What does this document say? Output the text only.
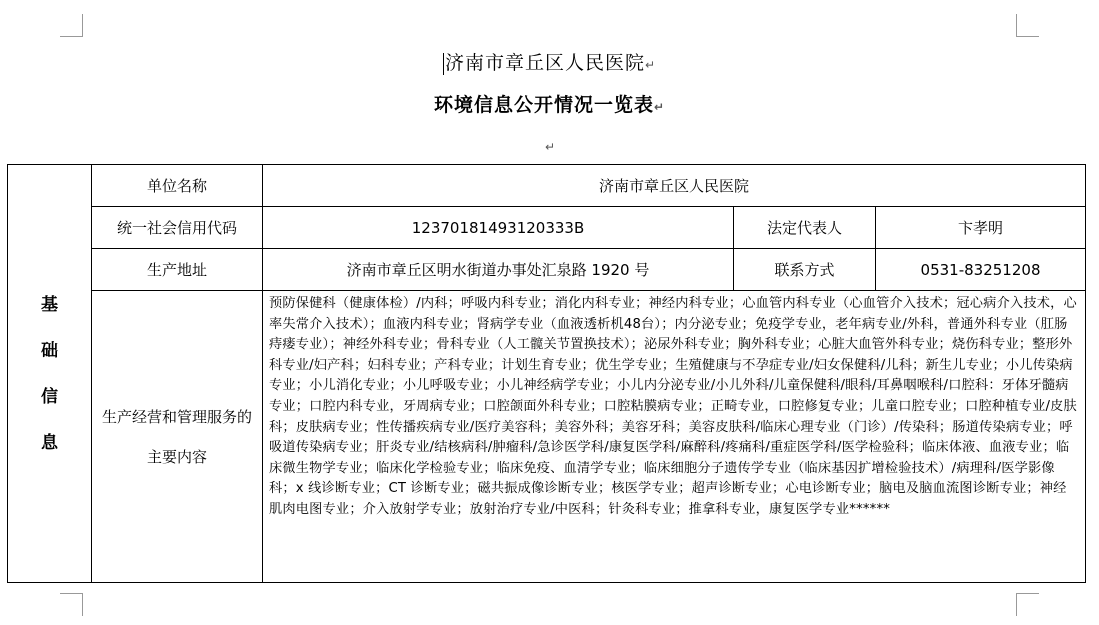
济南市章丘区人民医院↵
环境信息公开情况一览表↵
↵
基
础
信
息	单位名称	济南市章丘区人民医院		
	统一社会信用代码	12370181493120333B	法定代表人	卞孝明
	生产地址	济南市章丘区明水街道办事处汇泉路 1920 号	联系方式	0531-83251208
	生产经营和管理服务的主要内容	预防保健科（健康体检）/内科；呼吸内科专业；消化内科专业；神经内科专业；心血管内科专业（心血管介入技术；冠心病介入技术，心率失常介入技术）；血液内科专业；肾病学专业（血液透析机48台）；内分泌专业；免疫学专业，老年病专业/外科，普通外科专业（肛肠痔瘘专业）；神经外科专业；骨科专业（人工髋关节置换技术）；泌尿外科专业；胸外科专业；心脏大血管外科专业；烧伤科专业；整形外科专业/妇产科；妇科专业；产科专业；计划生育专业；优生学专业；生殖健康与不孕症专业/妇女保健科/儿科；新生儿专业；小儿传染病专业；小儿消化专业；小儿呼吸专业；小儿神经病学专业；小儿内分泌专业/小儿外科/儿童保健科/眼科/耳鼻咽喉科/口腔科：牙体牙髓病专业；口腔内科专业，牙周病专业；口腔颌面外科专业；口腔粘膜病专业；正畸专业，口腔修复专业；儿童口腔专业；口腔种植专业/皮肤科；皮肤病专业；性传播疾病专业/医疗美容科；美容外科；美容牙科；美容皮肤科/临床心理专业（门诊）/传染科；肠道传染病专业；呼吸道传染病专业；肝炎专业/结核病科/肿瘤科/急诊医学科/康复医学科/麻醉科/疼痛科/重症医学科/医学检验科；临床体液、血液专业；临床微生物学专业；临床化学检验专业；临床免疫、血清学专业；临床细胞分子遗传学专业（临床基因扩增检验技术）/病理科/医学影像科；x 线诊断专业；CT 诊断专业；磁共振成像诊断专业；核医学专业；超声诊断专业；心电诊断专业；脑电及脑血流图诊断专业；神经肌肉电图专业；介入放射学专业；放射治疗专业/中医科；针灸科专业；推拿科专业，康复医学专业******		
